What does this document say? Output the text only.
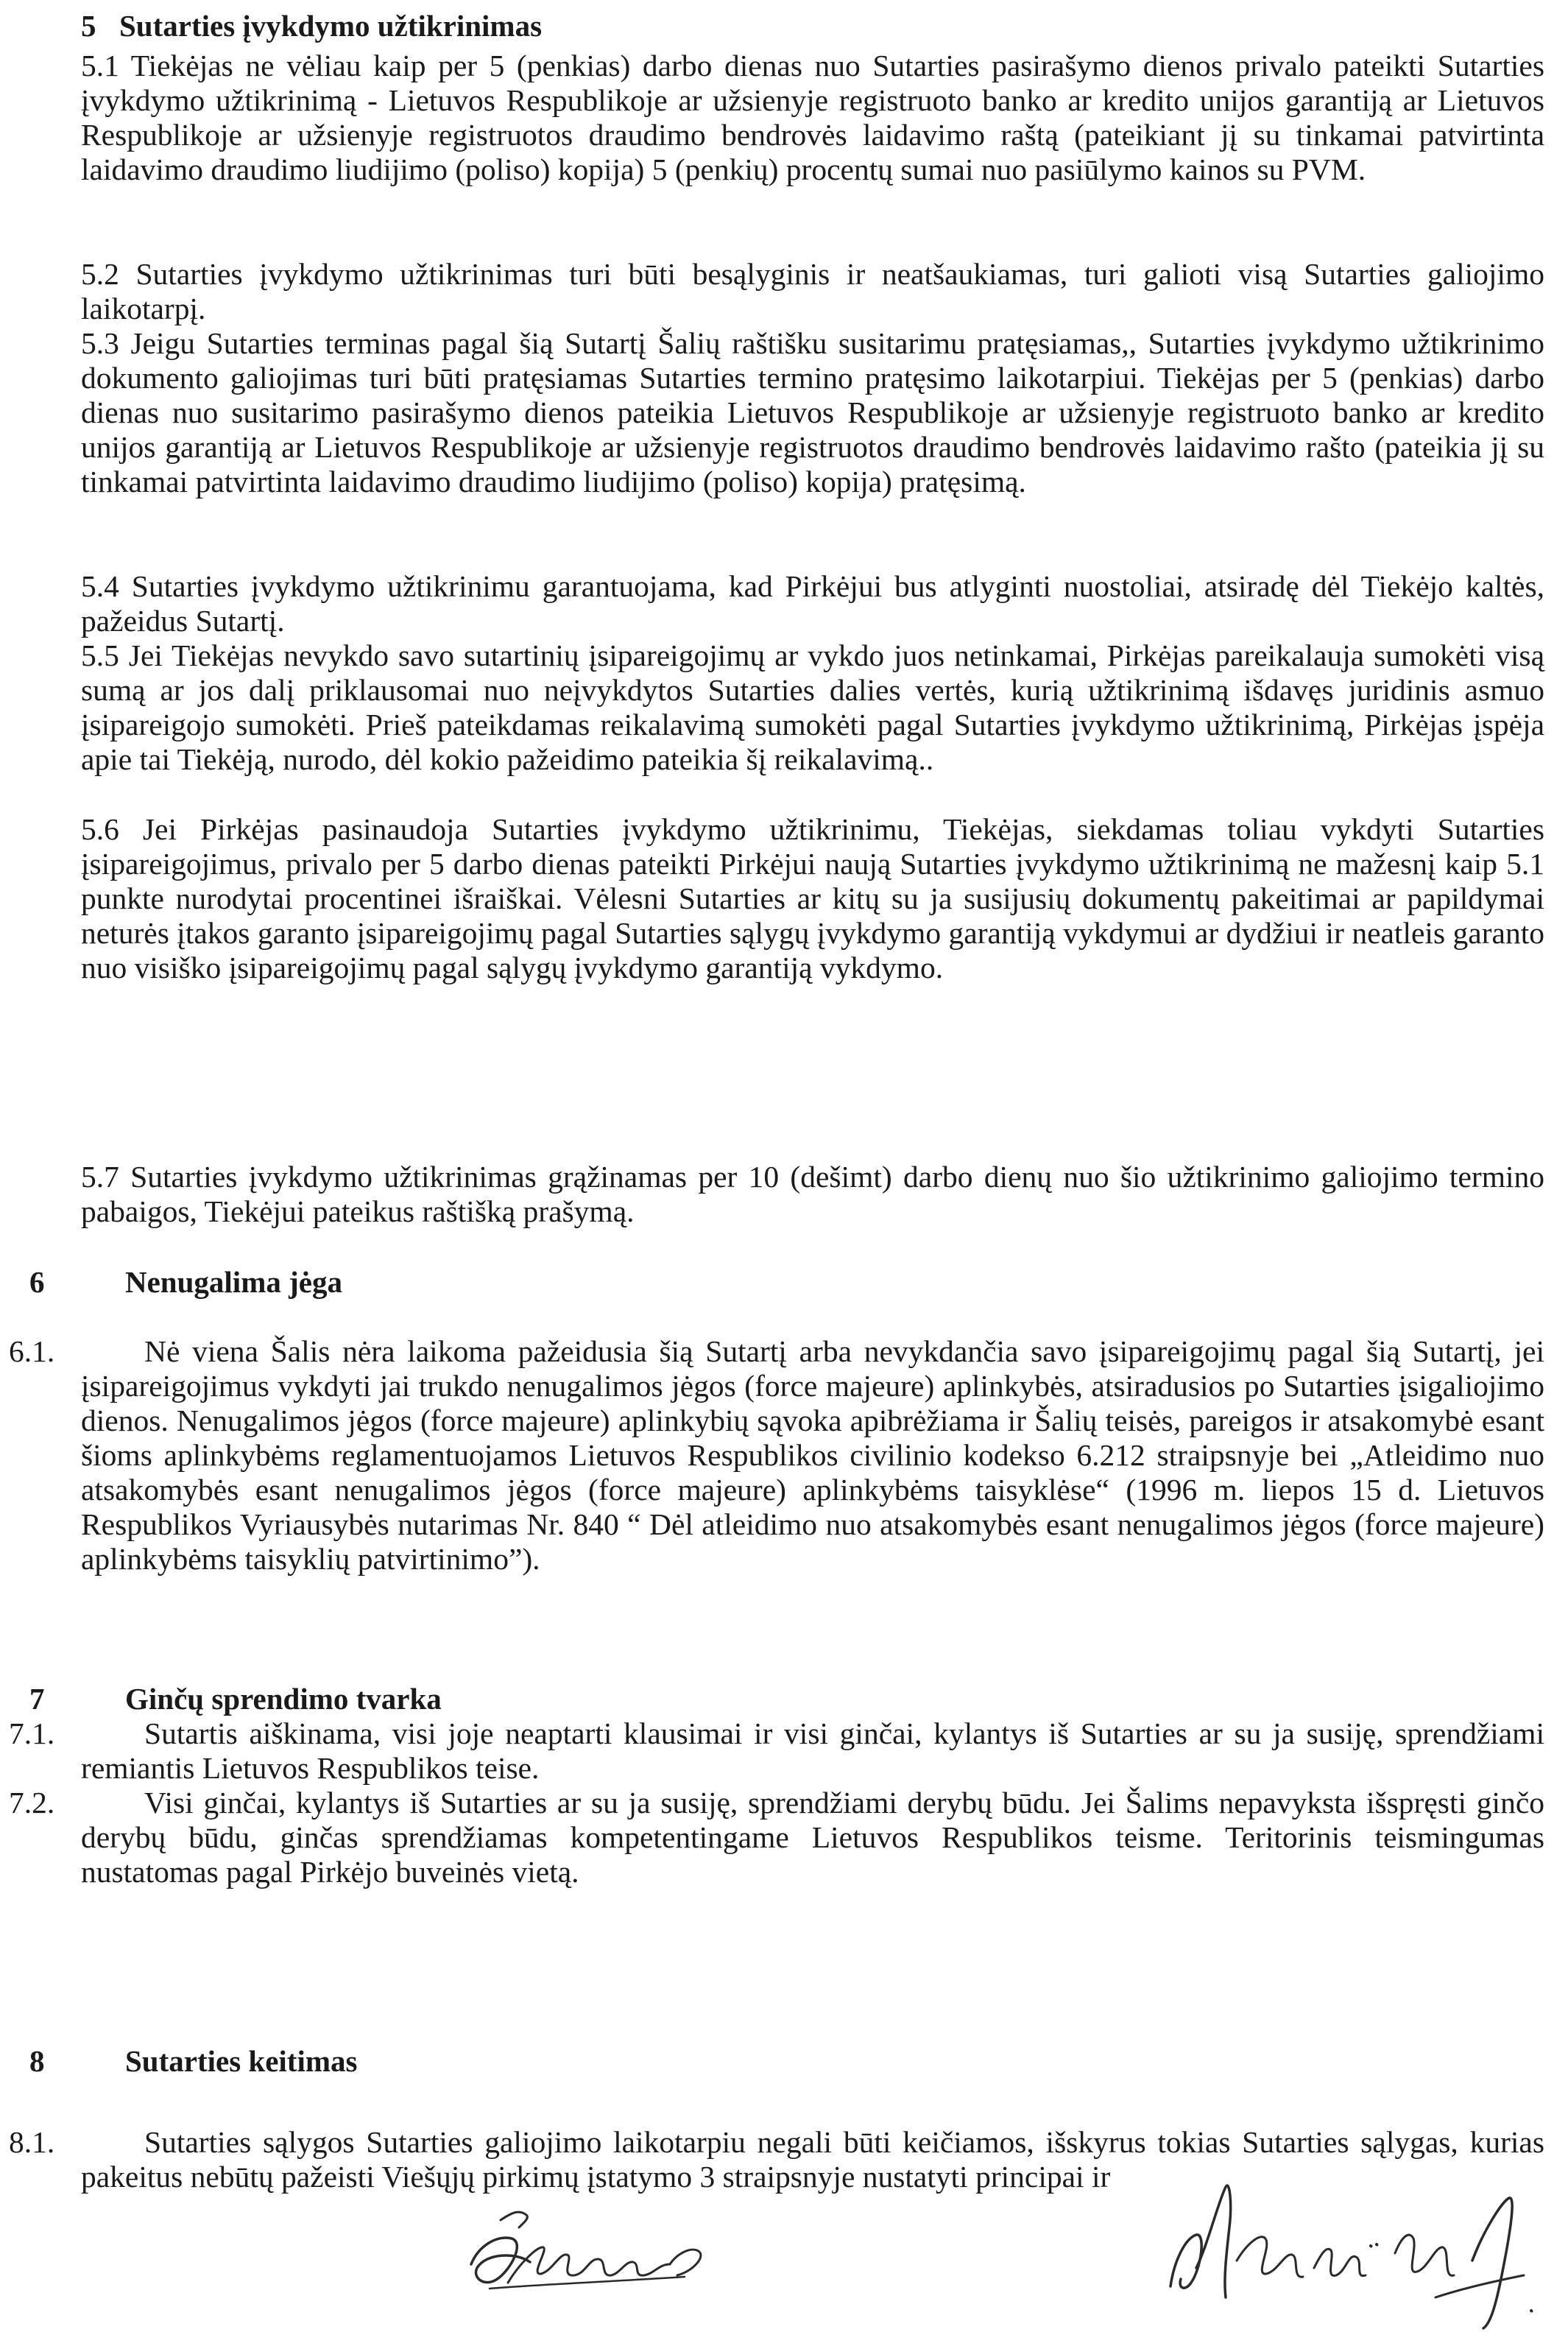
5 Sutarties įvykdymo užtikrinimas
5.1 Tiekėjas ne vėliau kaip per 5 (penkias) darbo dienas nuo Sutarties pasirašymo dienos privalo pateikti Sutarties įvykdymo užtikrinimą - Lietuvos Respublikoje ar užsienyje registruoto banko ar kredito unijos garantiją ar Lietuvos Respublikoje ar užsienyje registruotos draudimo bendrovės laidavimo raštą (pateikiant jį su tinkamai patvirtinta laidavimo draudimo liudijimo (poliso) kopija) 5 (penkių) procentų sumai nuo pasiūlymo kainos su PVM.
5.2 Sutarties įvykdymo užtikrinimas turi būti besąlyginis ir neatšaukiamas, turi galioti visą Sutarties galiojimo laikotarpį.
5.3 Jeigu Sutarties terminas pagal šią Sutartį Šalių raštišku susitarimu pratęsiamas,, Sutarties įvykdymo užtikrinimo dokumento galiojimas turi būti pratęsiamas Sutarties termino pratęsimo laikotarpiui. Tiekėjas per 5 (penkias) darbo dienas nuo susitarimo pasirašymo dienos pateikia Lietuvos Respublikoje ar užsienyje registruoto banko ar kredito unijos garantiją ar Lietuvos Respublikoje ar užsienyje registruotos draudimo bendrovės laidavimo rašto (pateikia jį su tinkamai patvirtinta laidavimo draudimo liudijimo (poliso) kopija) pratęsimą.
5.4 Sutarties įvykdymo užtikrinimu garantuojama, kad Pirkėjui bus atlyginti nuostoliai, atsiradę dėl Tiekėjo kaltės, pažeidus Sutartį.
5.5 Jei Tiekėjas nevykdo savo sutartinių įsipareigojimų ar vykdo juos netinkamai, Pirkėjas pareikalauja sumokėti visą sumą ar jos dalį priklausomai nuo neįvykdytos Sutarties dalies vertės, kurią užtikrinimą išdavęs juridinis asmuo įsipareigojo sumokėti. Prieš pateikdamas reikalavimą sumokėti pagal Sutarties įvykdymo užtikrinimą, Pirkėjas įspėja apie tai Tiekėją, nurodo, dėl kokio pažeidimo pateikia šį reikalavimą..
5.6 Jei Pirkėjas pasinaudoja Sutarties įvykdymo užtikrinimu, Tiekėjas, siekdamas toliau vykdyti Sutarties įsipareigojimus, privalo per 5 darbo dienas pateikti Pirkėjui naują Sutarties įvykdymo užtikrinimą ne mažesnį kaip 5.1 punkte nurodytai procentinei išraiškai. Vėlesni Sutarties ar kitų su ja susijusių dokumentų pakeitimai ar papildymai neturės įtakos garanto įsipareigojimų pagal Sutarties sąlygų įvykdymo garantiją vykdymui ar dydžiui ir neatleis garanto nuo visiško įsipareigojimų pagal sąlygų įvykdymo garantiją vykdymo.
5.7 Sutarties įvykdymo užtikrinimas grąžinamas per 10 (dešimt) darbo dienų nuo šio užtikrinimo galiojimo termino pabaigos, Tiekėjui pateikus raštišką prašymą.
6	Nenugalima jėga
6.1.	Nė viena Šalis nėra laikoma pažeidusia šią Sutartį arba nevykdančia savo įsipareigojimų pagal šią Sutartį, jei įsipareigojimus vykdyti jai trukdo nenugalimos jėgos (force majeure) aplinkybės, atsiradusios po Sutarties įsigaliojimo dienos. Nenugalimos jėgos (force majeure) aplinkybių sąvoka apibrėžiama ir Šalių teisės, pareigos ir atsakomybė esant šioms aplinkybėms reglamentuojamos Lietuvos Respublikos civilinio kodekso 6.212 straipsnyje bei „Atleidimo nuo atsakomybės esant nenugalimos jėgos (force majeure) aplinkybėms taisyklėse“ (1996 m. liepos 15 d. Lietuvos Respublikos Vyriausybės nutarimas Nr. 840 “ Dėl atleidimo nuo atsakomybės esant nenugalimos jėgos (force majeure) aplinkybėms taisyklių patvirtinimo”).
7	Ginčų sprendimo tvarka
7.1.	Sutartis aiškinama, visi joje neaptarti klausimai ir visi ginčai, kylantys iš Sutarties ar su ja susiję, sprendžiami remiantis Lietuvos Respublikos teise.
7.2.	Visi ginčai, kylantys iš Sutarties ar su ja susiję, sprendžiami derybų būdu. Jei Šalims nepavyksta išspręsti ginčo derybų būdu, ginčas sprendžiamas kompetentingame Lietuvos Respublikos teisme. Teritorinis teismingumas nustatomas pagal Pirkėjo buveinės vietą.
8	Sutarties keitimas
8.1.	Sutarties sąlygos Sutarties galiojimo laikotarpiu negali būti keičiamos, išskyrus tokias Sutarties sąlygas, kurias pakeitus nebūtų pažeisti Viešųjų pirkimų įstatymo 3 straipsnyje nustatyti principai ir
